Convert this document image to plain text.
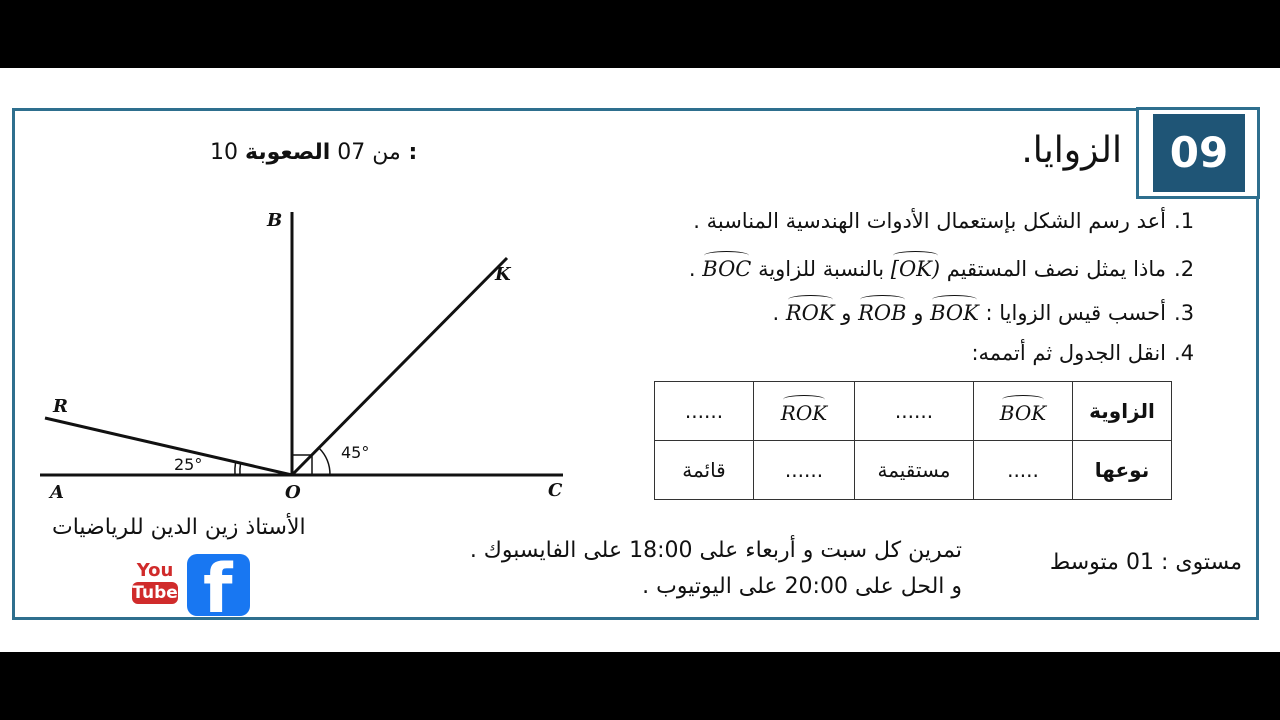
09
الزوايا.
10	من 07 الصعوبة :
1.أعد رسم الشكل بإستعمال الأدوات الهندسية المناسبة .
2.ماذا يمثل نصف المستقيم [OK) بالنسبة للزاوية BOC .
3.أحسب قيس الزوايا : BOK و ROB و ROK .
4.انقل الجدول ثم أتممه:
الزاوية	BOK	......	ROK	......
نوعها	.....	مستقيمة	......	قائمة
A	O	C
B
K
R
25°
45°
الأستاذ زين الدين للرياضيات
You
Tube f	تمرين كل سبت و أربعاء على 18:00 على الفايسبوك .
و الحل على 20:00 على اليوتيوب .
مستوى : 01 متوسط
